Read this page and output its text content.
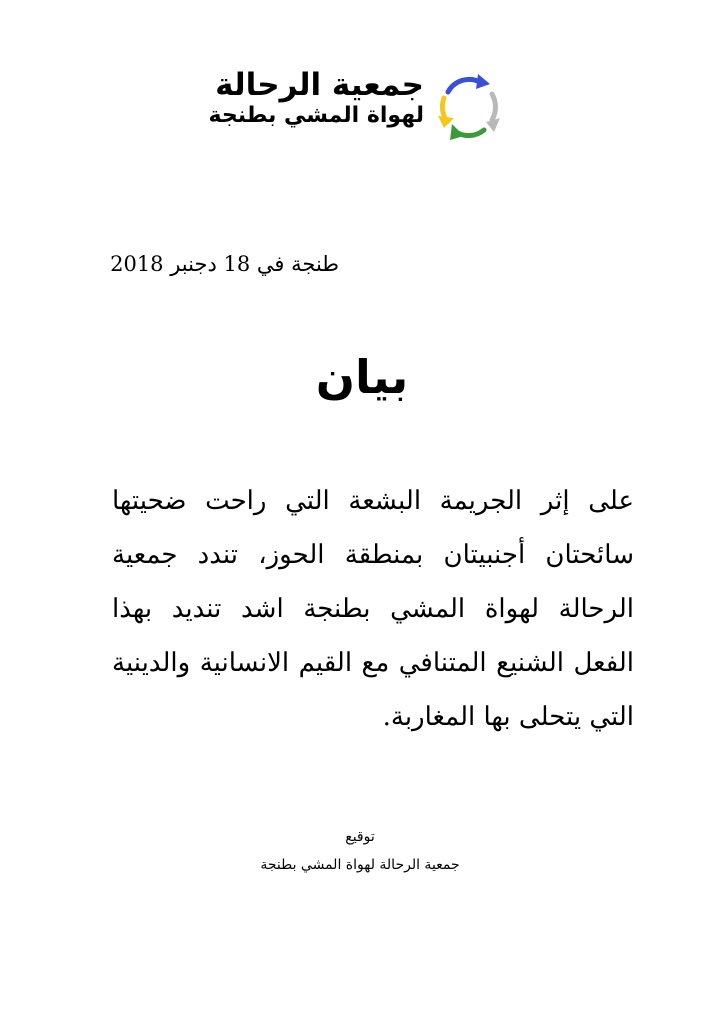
جمعية الرحالة
لهواة المشي بطنجة
طنجة في 18 دجنبر 2018
بيان

على إثر الجريمة البشعة التي راحت ضحيتها سائحتان أجنبيتان بمنطقة الحوز، تندد جمعية الرحالة لهواة المشي بطنجة اشد تنديد بهذا الفعل الشنيع المتنافي مع القيم الانسانية والدينية التي يتحلى بها المغاربة.

توقيع
جمعية الرحالة لهواة المشي بطنجة
